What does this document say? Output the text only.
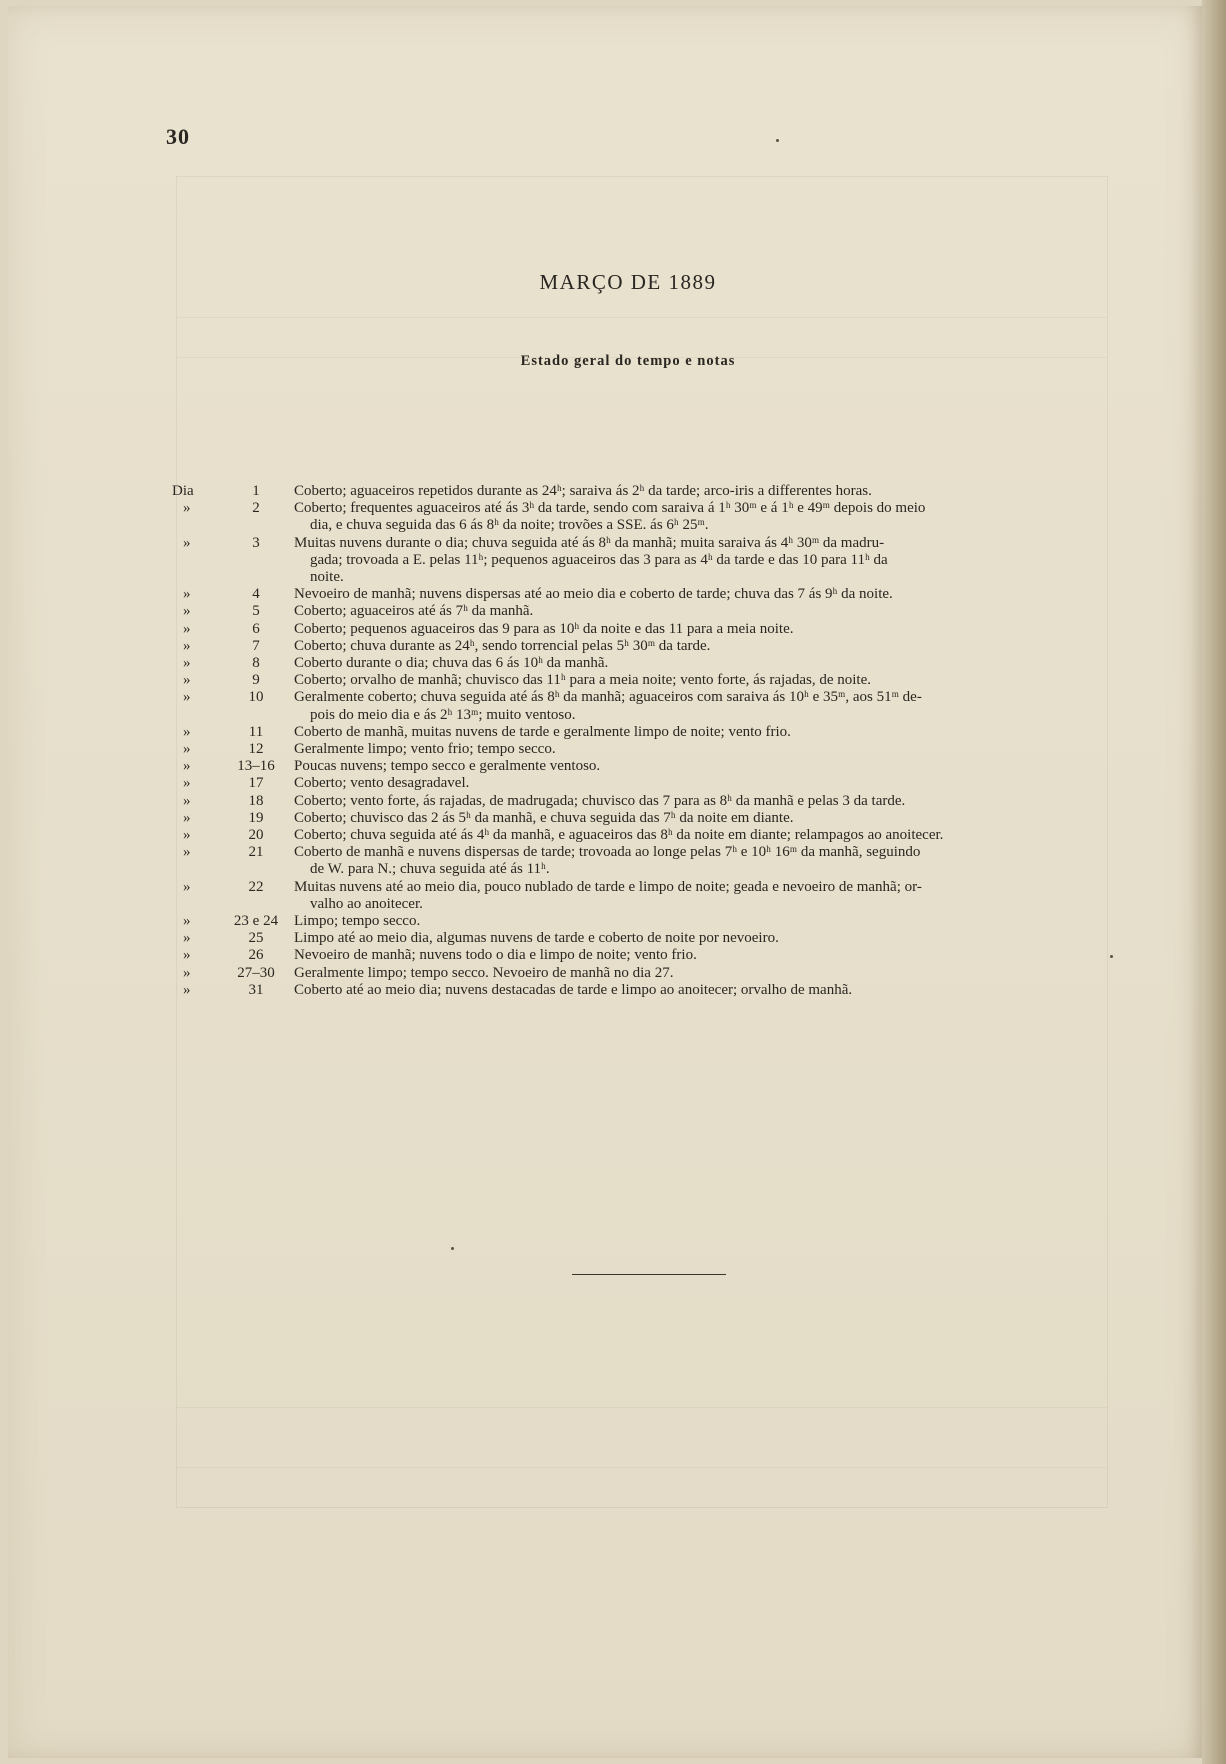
30
MARÇO DE 1889
Estado geral do tempo e notas
Dia	1	Coberto; aguaceiros repetidos durante as 24ʰ; saraiva ás 2ʰ da tarde; arco-iris a differentes horas.
»	2	Coberto; frequentes aguaceiros até ás 3ʰ da tarde, sendo com saraiva á 1ʰ 30ᵐ e á 1ʰ e 49ᵐ depois do meio
dia, e chuva seguida das 6 ás 8ʰ da noite; trovões a SSE. ás 6ʰ 25ᵐ.
»	3	Muitas nuvens durante o dia; chuva seguida até ás 8ʰ da manhã; muita saraiva ás 4ʰ 30ᵐ da madru-
gada; trovoada a E. pelas 11ʰ; pequenos aguaceiros das 3 para as 4ʰ da tarde e das 10 para 11ʰ da
noite.
»	4	Nevoeiro de manhã; nuvens dispersas até ao meio dia e coberto de tarde; chuva das 7 ás 9ʰ da noite.
»	5	Coberto; aguaceiros até ás 7ʰ da manhã.
»	6	Coberto; pequenos aguaceiros das 9 para as 10ʰ da noite e das 11 para a meia noite.
»	7	Coberto; chuva durante as 24ʰ, sendo torrencial pelas 5ʰ 30ᵐ da tarde.
»	8	Coberto durante o dia; chuva das 6 ás 10ʰ da manhã.
»	9	Coberto; orvalho de manhã; chuvisco das 11ʰ para a meia noite; vento forte, ás rajadas, de noite.
»	10	Geralmente coberto; chuva seguida até ás 8ʰ da manhã; aguaceiros com saraiva ás 10ʰ e 35ᵐ, aos 51ᵐ de-
pois do meio dia e ás 2ʰ 13ᵐ; muito ventoso.
»	11	Coberto de manhã, muitas nuvens de tarde e geralmente limpo de noite; vento frio.
»	12	Geralmente limpo; vento frio; tempo secco.
»	13–16	Poucas nuvens; tempo secco e geralmente ventoso.
»	17	Coberto; vento desagradavel.
»	18	Coberto; vento forte, ás rajadas, de madrugada; chuvisco das 7 para as 8ʰ da manhã e pelas 3 da tarde.
»	19	Coberto; chuvisco das 2 ás 5ʰ da manhã, e chuva seguida das 7ʰ da noite em diante.
»	20	Coberto; chuva seguida até ás 4ʰ da manhã, e aguaceiros das 8ʰ da noite em diante; relampagos ao anoitecer.
»	21	Coberto de manhã e nuvens dispersas de tarde; trovoada ao longe pelas 7ʰ e 10ʰ 16ᵐ da manhã, seguindo
de W. para N.; chuva seguida até ás 11ʰ.
»	22	Muitas nuvens até ao meio dia, pouco nublado de tarde e limpo de noite; geada e nevoeiro de manhã; or-
valho ao anoitecer.
»	23 e 24	Limpo; tempo secco.
»	25	Limpo até ao meio dia, algumas nuvens de tarde e coberto de noite por nevoeiro.
»	26	Nevoeiro de manhã; nuvens todo o dia e limpo de noite; vento frio.
»	27–30	Geralmente limpo; tempo secco. Nevoeiro de manhã no dia 27.
»	31	Coberto até ao meio dia; nuvens destacadas de tarde e limpo ao anoitecer; orvalho de manhã.
